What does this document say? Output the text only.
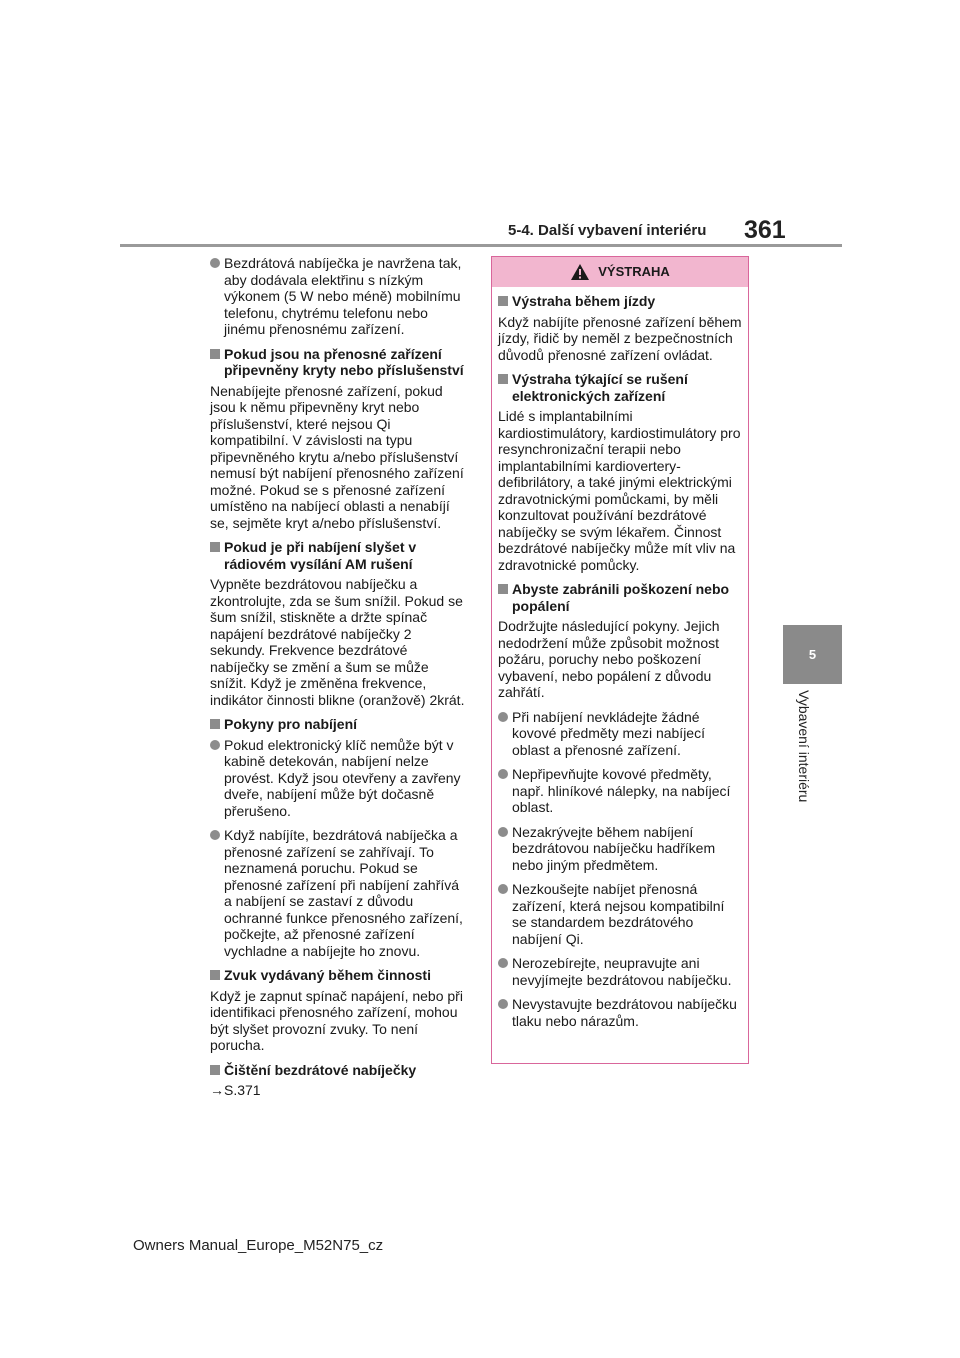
5-4. Další vybavení interiéru 361
5
Vybavení interiéru
Bezdrátová nabíječka je navržena tak, aby dodávala elektřinu s nízkým výkonem (5 W nebo méně) mobilnímu telefonu, chytrému telefonu nebo jinému přenosnému zařízení.
Pokud jsou na přenosné zařízení připevněny kryty nebo příslušenství

Nenabíjejte přenosné zařízení, pokud jsou k němu připevněny kryt nebo příslušenství, které nejsou Qi kompatibilní. V závislosti na typu připevněného krytu a/nebo příslušenství nemusí být nabíjení přenosného zařízení možné. Pokud se s přenosné zařízení umístěno na nabíjecí oblasti a nenabíjí se, sejměte kryt a/nebo příslušenství.

Pokud je při nabíjení slyšet v rádiovém vysílání AM rušení

Vypněte bezdrátovou nabíječku a zkontrolujte, zda se šum snížil. Pokud se šum snížil, stiskněte a držte spínač napájení bezdrátové nabíječky 2 sekundy. Frekvence bezdrátové nabíječky se změní a šum se může snížit. Když je změněna frekvence, indikátor činnosti blikne (oranžově) 2krát.

Pokyny pro nabíjení
Pokud elektronický klíč nemůže být v kabině detekován, nabíjení nelze provést. Když jsou otevřeny a zavřeny dveře, nabíjení může být dočasně přerušeno.
Když nabíjíte, bezdrátová nabíječka a přenosné zařízení se zahřívají. To neznamená poruchu. Pokud se přenosné zařízení při nabíjení zahřívá a nabíjení se zastaví z důvodu ochranné funkce přenosného zařízení, počkejte, až přenosné zařízení vychladne a nabíjejte ho znovu.
Zvuk vydávaný během činnosti

Když je zapnut spínač napájení, nebo při identifikaci přenosného zařízení, mohou být slyšet provozní zvuky. To není porucha.

Čištění bezdrátové nabíječky

→S.371

VÝSTRAHA
Výstraha během jízdy

Když nabíjíte přenosné zařízení během jízdy, řidič by neměl z bezpečnostních důvodů přenosné zařízení ovládat.

Výstraha týkající se rušení elektronických zařízení

Lidé s implantabilními kardiostimulátory, kardiostimulátory pro resynchronizační terapii nebo implantabilními kardiovertery-defibrilátory, a také jinými elektrickými zdravotnickými pomůckami, by měli konzultovat používání bezdrátové nabíječky se svým lékařem. Činnost bezdrátové nabíječky může mít vliv na zdravotnické pomůcky.

Abyste zabránili poškození nebo popálení

Dodržujte následující pokyny. Jejich nedodržení může způsobit možnost požáru, poruchy nebo poškození vybavení, nebo popálení z důvodu zahřátí.

Při nabíjení nevkládejte žádné kovové předměty mezi nabíjecí oblast a přenosné zařízení.
Nepřipevňujte kovové předměty, např. hliníkové nálepky, na nabíjecí oblast.
Nezakrývejte během nabíjení bezdrátovou nabíječku hadříkem nebo jiným předmětem.
Nezkoušejte nabíjet přenosná zařízení, která nejsou kompatibilní se standardem bezdrátového nabíjení Qi.
Nerozebírejte, neupravujte ani nevyjímejte bezdrátovou nabíječku.
Nevystavujte bezdrátovou nabíječku tlaku nebo nárazům.
Owners Manual_Europe_M52N75_cz
